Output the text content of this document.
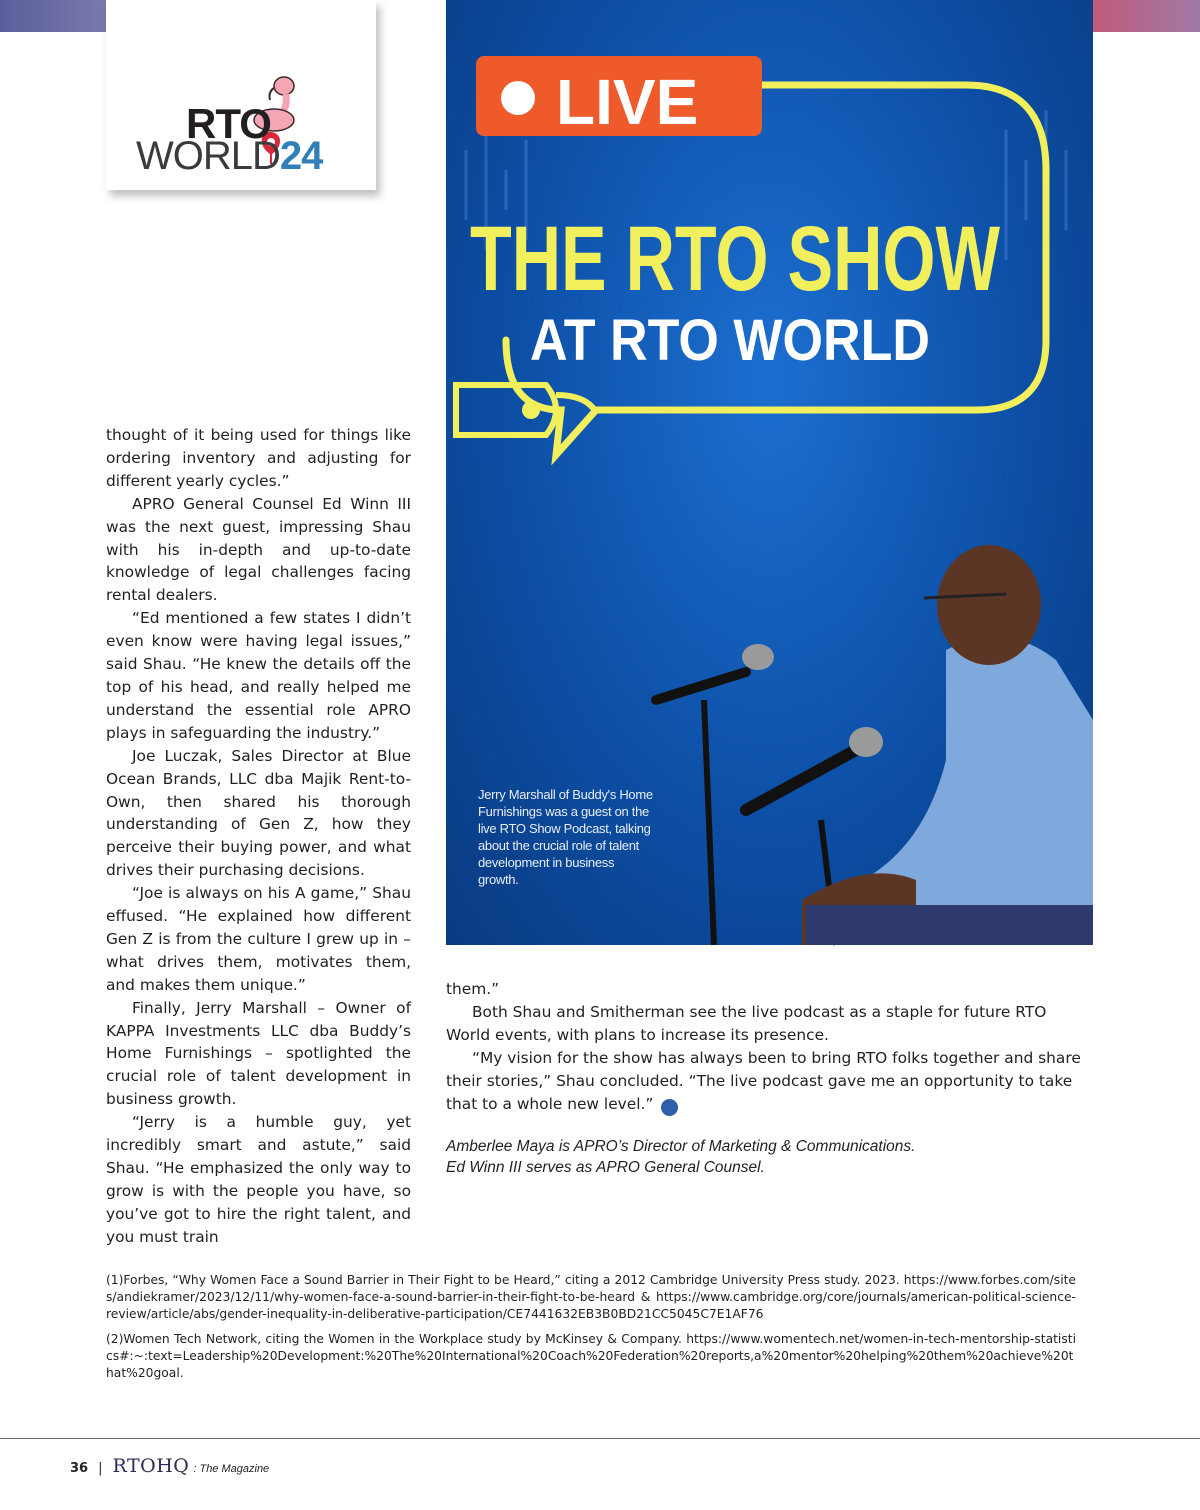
RTO
WORLD24
LIVE
THE RTO SHOW
AT RTO WORLD
Jerry Marshall of Buddy's Home Furnishings was a guest on the live RTO Show Podcast, talking about the crucial role of talent development in business growth.

thought of it being used for things like ordering inventory and adjusting for different yearly cycles.”

APRO General Counsel Ed Winn III was the next guest, impressing Shau with his in-depth and up-to-date knowledge of legal challenges facing rental dealers.

“Ed mentioned a few states I didn’t even know were having legal issues,” said Shau. “He knew the details off the top of his head, and really helped me understand the essential role APRO plays in safeguarding the industry.”

Joe Luczak, Sales Director at Blue Ocean Brands, LLC dba Majik Rent-to-Own, then shared his thorough understanding of Gen Z, how they perceive their buying power, and what drives their purchasing decisions.

“Joe is always on his A game,” Shau effused. “He explained how different Gen Z is from the culture I grew up in – what drives them, motivates them, and makes them unique.”

Finally, Jerry Marshall – Owner of KAPPA Investments LLC dba Buddy’s Home Furnishings – spotlighted the crucial role of talent development in business growth.

“Jerry is a humble guy, yet incredibly smart and astute,” said Shau. “He emphasized the only way to grow is with the people you have, so you’ve got to hire the right talent, and you must train

them.”

Both Shau and Smitherman see the live podcast as a staple for future RTO World events, with plans to increase its presence.

“My vision for the show has always been to bring RTO folks together and share their stories,” Shau concluded. “The live podcast gave me an opportunity to take that to a whole new level.”	a

Amberlee Maya is APRO’s Director of Marketing & Communications.
Ed Winn III serves as APRO General Counsel.

(1)Forbes, “Why Women Face a Sound Barrier in Their Fight to be Heard,” citing a 2012 Cambridge University Press study. 2023. https://www.forbes.com/sites/andiekramer/2023/12/11/why-women-face-a-sound-barrier-in-their-fight-to-be-heard & https://www.cambridge.org/core/journals/american-political-science-review/article/abs/gender-inequality-in-deliberative-participation/CE7441632EB3B0BD21CC5045C7E1AF76

(2)Women Tech Network, citing the Women in the Workplace study by McKinsey & Company. https://www.womentech.net/women-in-tech-mentorship-statistics#:~:text=Leadership%20Development:%20The%20International%20Coach%20Federation%20reports,a%20mentor%20helping%20them%20achieve%20that%20goal.

36 | RTOHQ : The Magazine
